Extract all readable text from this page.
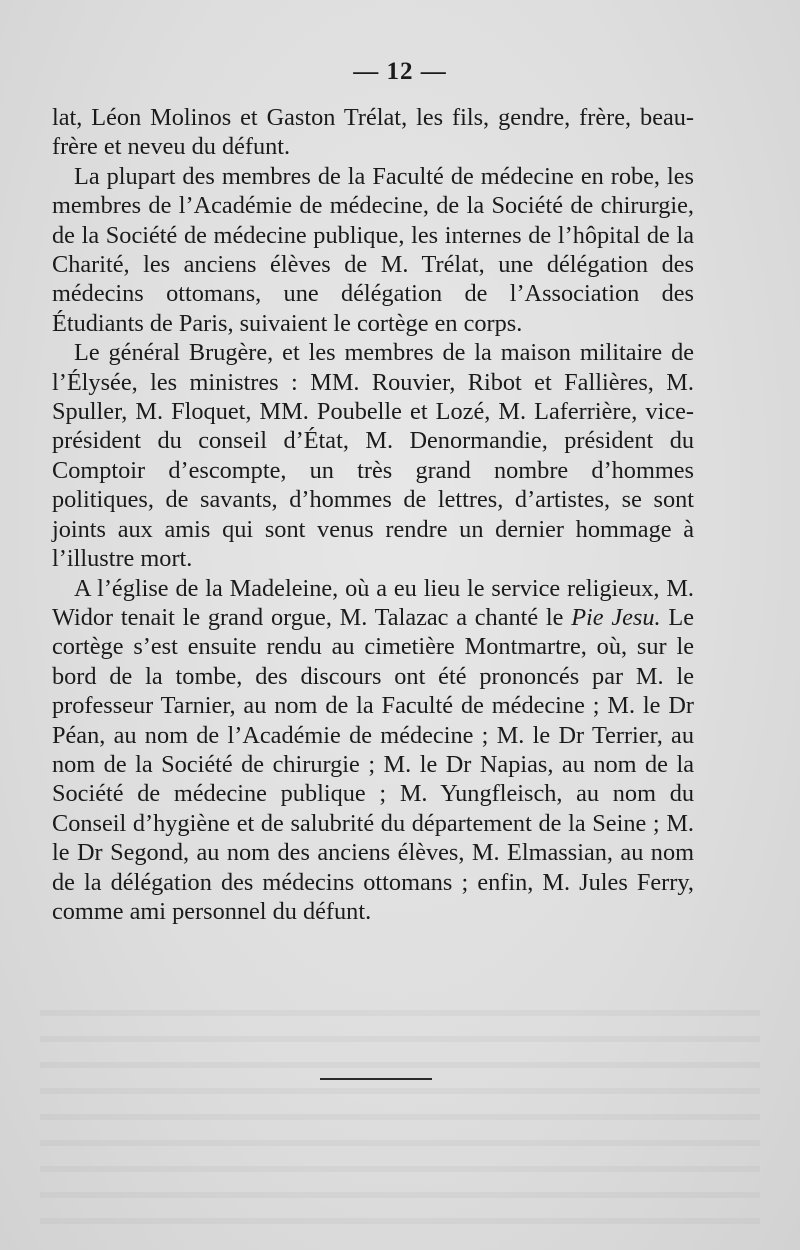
— 12 —

lat, Léon Molinos et Gaston Trélat, les fils, gendre, frère, beau-frère et neveu du défunt.

La plupart des membres de la Faculté de médecine en robe, les membres de l’Académie de médecine, de la Société de chirurgie, de la Société de médecine publique, les internes de l’hôpital de la Charité, les anciens élèves de M. Trélat, une délégation des médecins ottomans, une délégation de l’Association des Étudiants de Paris, suivaient le cortège en corps.

Le général Brugère, et les membres de la maison militaire de l’Élysée, les ministres : MM. Rouvier, Ribot et Fallières, M. Spuller, M. Floquet, MM. Poubelle et Lozé, M. Laferrière, vice-président du conseil d’État, M. Denormandie, président du Comptoir d’escompte, un très grand nombre d’hommes politiques, de savants, d’hommes de lettres, d’artistes, se sont joints aux amis qui sont venus rendre un dernier hommage à l’illustre mort.

A l’église de la Madeleine, où a eu lieu le service religieux, M. Widor tenait le grand orgue, M. Talazac a chanté le Pie Jesu. Le cortège s’est ensuite rendu au cimetière Montmartre, où, sur le bord de la tombe, des discours ont été prononcés par M. le professeur Tarnier, au nom de la Faculté de médecine ; M. le Dr Péan, au nom de l’Académie de médecine ; M. le Dr Terrier, au nom de la Société de chirurgie ; M. le Dr Napias, au nom de la Société de médecine publique ; M. Yungfleisch, au nom du Conseil d’hygiène et de salubrité du département de la Seine ; M. le Dr Segond, au nom des anciens élèves, M. Elmassian, au nom de la délégation des médecins ottomans ; enfin, M. Jules Ferry, comme ami personnel du défunt.
